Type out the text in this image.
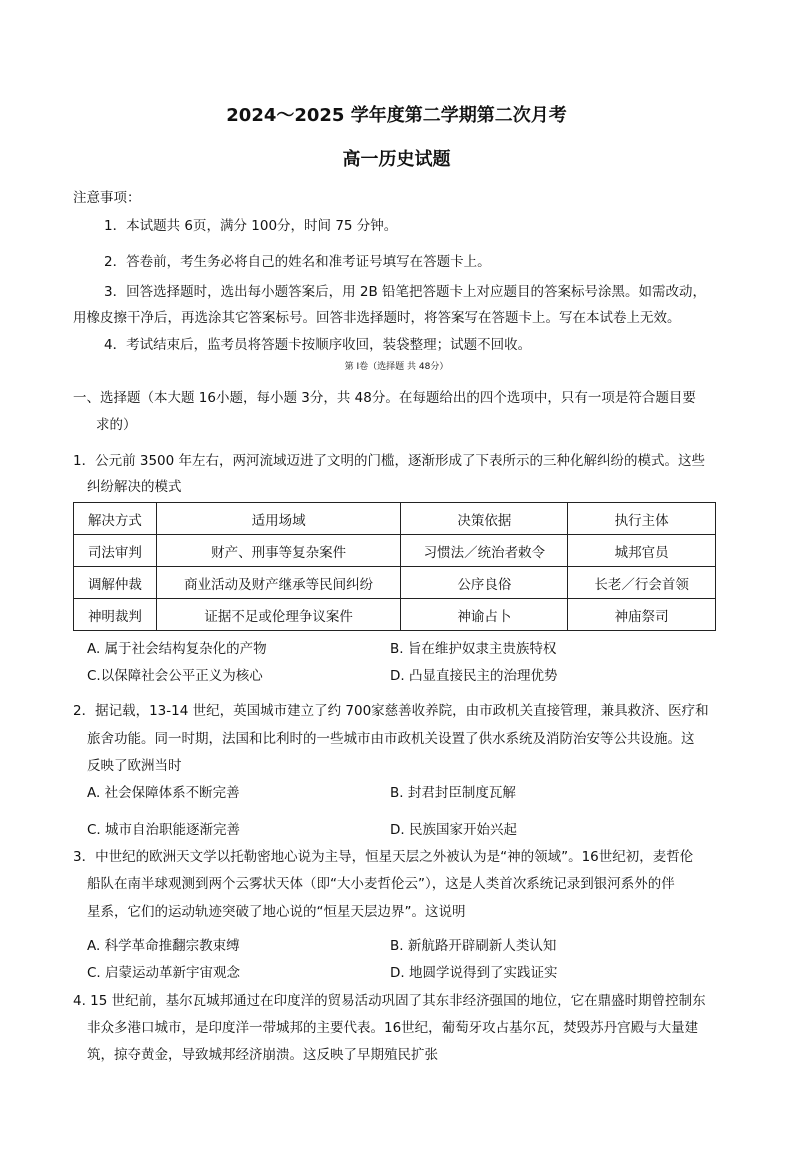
2024～2025 学年度第二学期第二次月考
高一历史试题
注意事项：
1．本试题共 6页，满分 100分，时间 75 分钟。
2．答卷前，考生务必将自己的姓名和准考证号填写在答题卡上。
3．回答选择题时，选出每小题答案后，用 2B 铅笔把答题卡上对应题目的答案标号涂黑。如需改动，
用橡皮擦干净后，再选涂其它答案标号。回答非选择题时，将答案写在答题卡上。写在本试卷上无效。
4．考试结束后，监考员将答题卡按顺序收回，装袋整理；试题不回收。
第 I卷（选择题 共 48分）
一、选择题（本大题 16小题，每小题 3分，共 48分。在每题给出的四个选项中，只有一项是符合题目要
求的）
1．公元前 3500 年左右，两河流域迈进了文明的门槛，逐渐形成了下表所示的三种化解纠纷的模式。这些
纠纷解决的模式
解决方式	适用场域	决策依据	执行主体
司法审判	财产、刑事等复杂案件	习惯法／统治者敕令	城邦官员
调解仲裁	商业活动及财产继承等民间纠纷	公序良俗	长老／行会首领
神明裁判	证据不足或伦理争议案件	神谕占卜	神庙祭司
A. 属于社会结构复杂化的产物	B. 旨在维护奴隶主贵族特权
C.以保障社会公平正义为核心	D. 凸显直接民主的治理优势
2．据记载，13-14 世纪，英国城市建立了约 700家慈善收养院，由市政机关直接管理，兼具救济、医疗和
旅舍功能。同一时期，法国和比利时的一些城市由市政机关设置了供水系统及消防治安等公共设施。这
反映了欧洲当时
A. 社会保障体系不断完善	B. 封君封臣制度瓦解
C. 城市自治职能逐渐完善	D. 民族国家开始兴起
3．中世纪的欧洲天文学以托勒密地心说为主导，恒星天层之外被认为是“神的领域”。16世纪初，麦哲伦
船队在南半球观测到两个云雾状天体（即“大小麦哲伦云”），这是人类首次系统记录到银河系外的伴
星系，它们的运动轨迹突破了地心说的“恒星天层边界”。这说明
A. 科学革命推翻宗教束缚	B. 新航路开辟刷新人类认知
C. 启蒙运动革新宇宙观念	D. 地圆学说得到了实践证实
4. 15 世纪前，基尔瓦城邦通过在印度洋的贸易活动巩固了其东非经济强国的地位，它在鼎盛时期曾控制东
非众多港口城市，是印度洋一带城邦的主要代表。16世纪，葡萄牙攻占基尔瓦，焚毁苏丹宫殿与大量建
筑，掠夺黄金，导致城邦经济崩溃。这反映了早期殖民扩张
